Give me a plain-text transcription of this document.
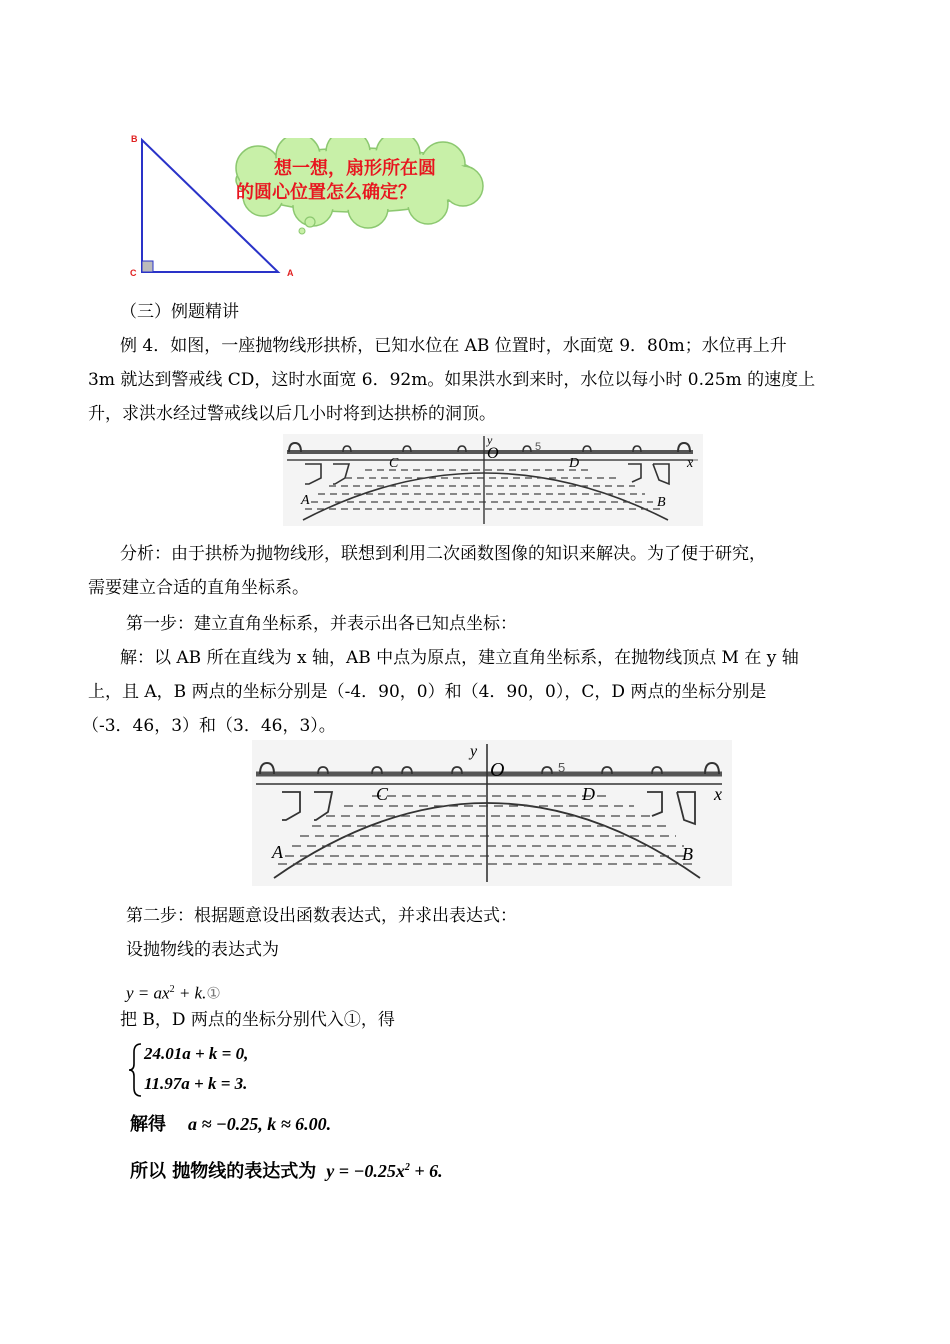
B
C	A
想一想，扇形所在圆
的圆心位置怎么确定？
（三）例题精讲
例 4．如图，一座抛物线形拱桥，已知水位在 AB 位置时，水面宽 9．80m；水位再上升
3m 就达到警戒线 CD，这时水面宽 6．92m。如果洪水到来时，水位以每小时 0.25m 的速度上
升，求洪水经过警戒线以后几小时将到达拱桥的洞顶。
y
O
x
C	D
A	B
5
分析：由于拱桥为抛物线形，联想到利用二次函数图像的知识来解决。为了便于研究，
需要建立合适的直角坐标系。
第一步：建立直角坐标系，并表示出各已知点坐标：
解：以 AB 所在直线为 x 轴，AB 中点为原点，建立直角坐标系，在抛物线顶点 M 在 y 轴
上，且 A，B 两点的坐标分别是（-4．90，0）和（4．90，0），C，D 两点的坐标分别是
（-3．46，3）和（3．46，3）。
y
O
x
C	D
A	B
5
第二步：根据题意设出函数表达式，并求出表达式：
设抛物线的表达式为
$y = ax^2$ + k.①
把 B，D 两点的坐标分别代入①，得
24.01a + k = 0,
11.97a + k = 3.
解得 a ≈ −0.25, k ≈ 6.00.
所以 抛物线的表达式为 $y = -0.25x^2 + 6$.
